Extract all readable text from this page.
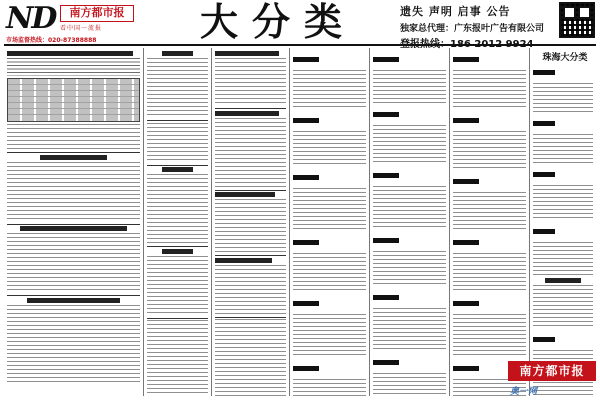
ND	南方都市报
看中国一流报
市场监督热线：020-87388888	大分类	遗失 声明 启事 公告
独家总代理：广东报叶广告有限公司
珠海大分类
南方都市报
奥一网
